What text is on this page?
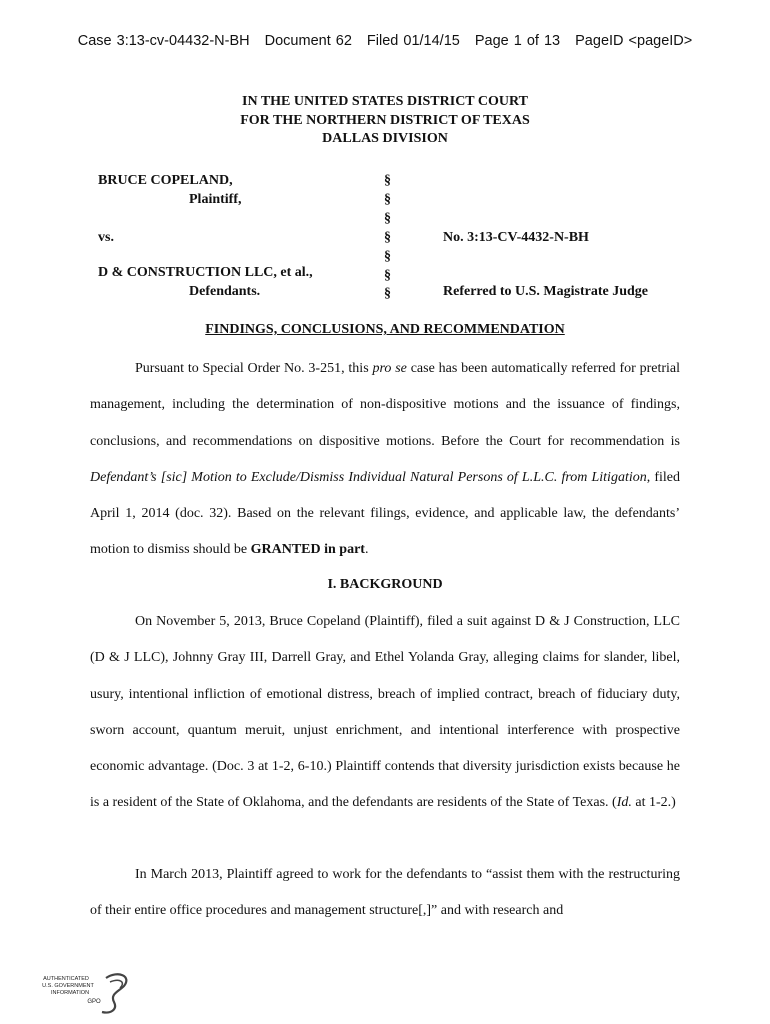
Case 3:13-cv-04432-N-BH Document 62 Filed 01/14/15 Page 1 of 13 PageID <pageID>
IN THE UNITED STATES DISTRICT COURT
FOR THE NORTHERN DISTRICT OF TEXAS
DALLAS DIVISION
BRUCE COPELAND,
Plaintiff,
vs.
D & CONSTRUCTION LLC, et al.,
Defendants.
§
§
§
§
§
§
§
No. 3:13-CV-4432-N-BH
Referred to U.S. Magistrate Judge
FINDINGS, CONCLUSIONS, AND RECOMMENDATION
Pursuant to Special Order No. 3-251, this pro se case has been automatically referred for pretrial management, including the determination of non-dispositive motions and the issuance of findings, conclusions, and recommendations on dispositive motions. Before the Court for recommendation is Defendant’s [sic] Motion to Exclude/Dismiss Individual Natural Persons of L.L.C. from Litigation, filed April 1, 2014 (doc. 32). Based on the relevant filings, evidence, and applicable law, the defendants’ motion to dismiss should be GRANTED in part.
I. BACKGROUND
On November 5, 2013, Bruce Copeland (Plaintiff), filed a suit against D & J Construction, LLC (D & J LLC), Johnny Gray III, Darrell Gray, and Ethel Yolanda Gray, alleging claims for slander, libel, usury, intentional infliction of emotional distress, breach of implied contract, breach of fiduciary duty, sworn account, quantum meruit, unjust enrichment, and intentional interference with prospective economic advantage. (Doc. 3 at 1-2, 6-10.) Plaintiff contends that diversity jurisdiction exists because he is a resident of the State of Oklahoma, and the defendants are residents of the State of Texas. (Id. at 1-2.)
In March 2013, Plaintiff agreed to work for the defendants to “assist them with the restructuring of their entire office procedures and management structure[,]” and with research and
AUTHENTICATED
U.S. GOVERNMENT
INFORMATION
GPO
